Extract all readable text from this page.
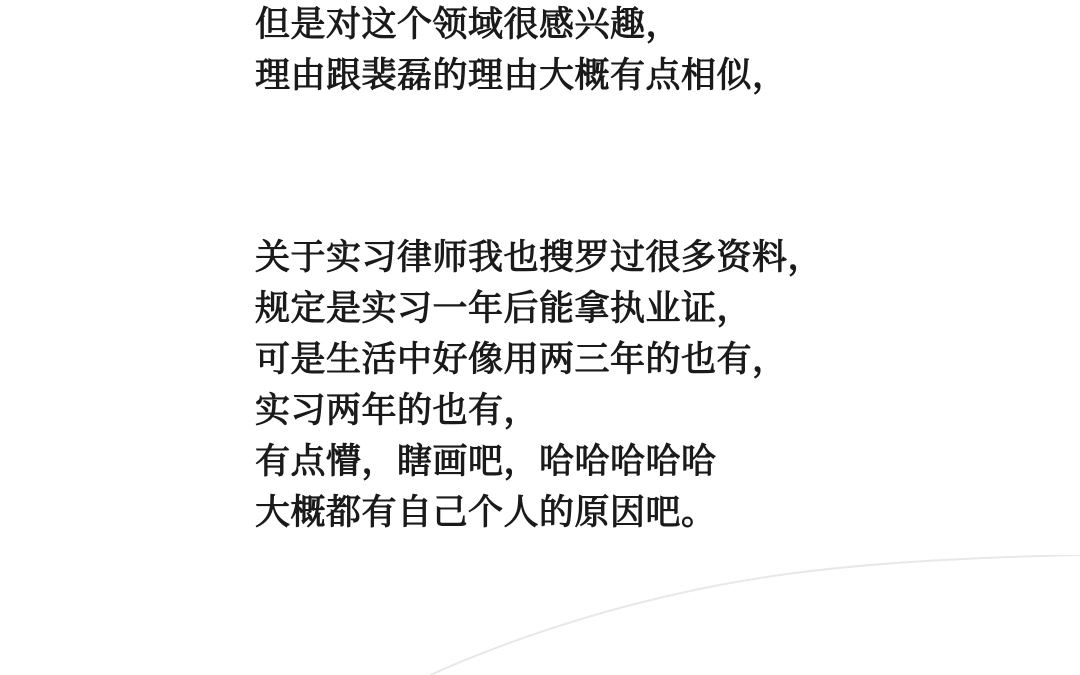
但是对这个领域很感兴趣，
理由跟裴磊的理由大概有点相似，
关于实习律师我也搜罗过很多资料，
规定是实习一年后能拿执业证，
可是生活中好像用两三年的也有，
实习两年的也有，
有点懵，瞎画吧，哈哈哈哈哈
大概都有自己个人的原因吧。
